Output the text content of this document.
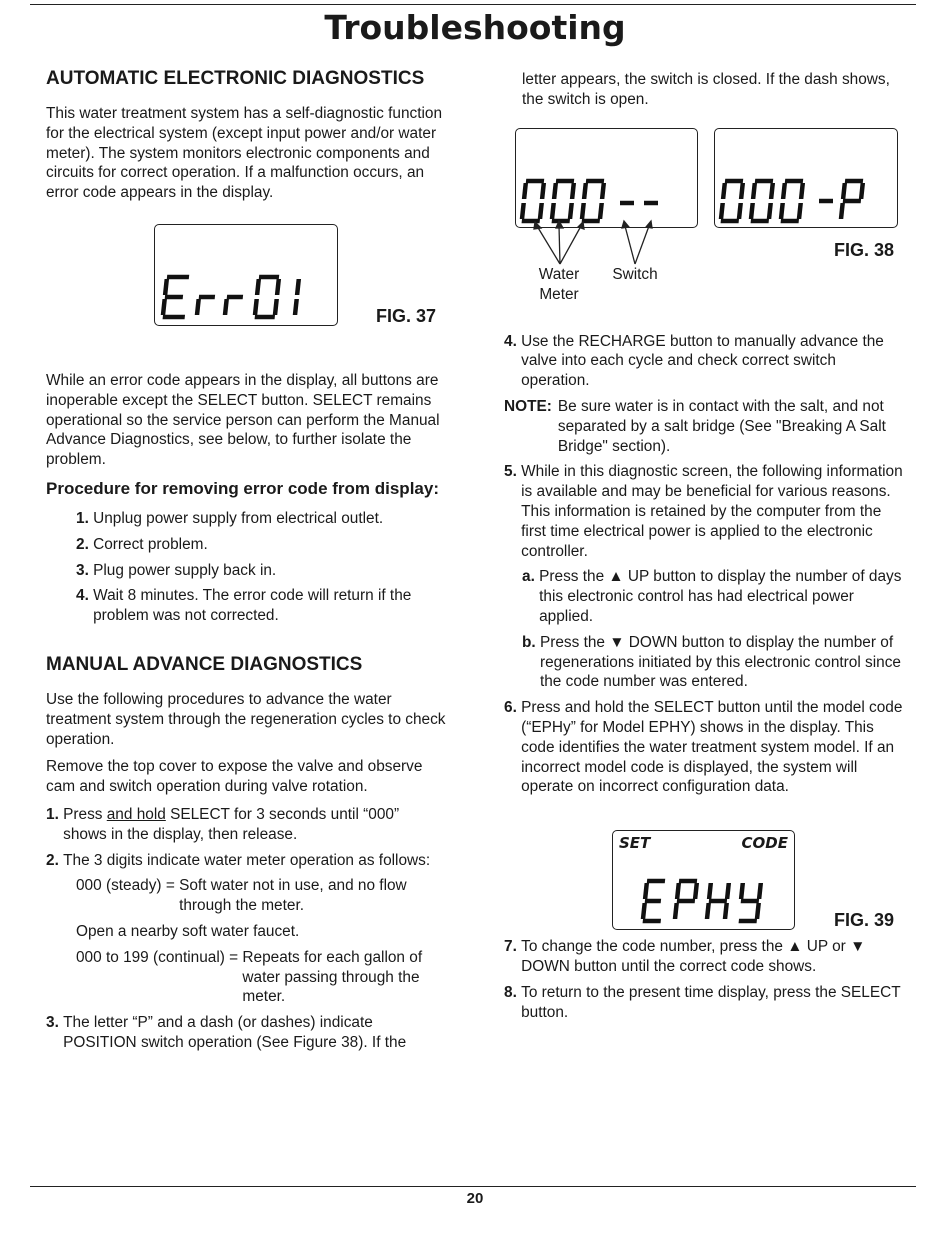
Troubleshooting
AUTOMATIC ELECTRONIC DIAGNOSTICS

This water treatment system has a self-diagnostic function for the electrical system (except input power and/or water meter). The system monitors electronic components and circuits for correct operation. If a malfunction occurs, an error code appears in the display.

While an error code appears in the display, all buttons are inoperable except the SELECT button. SELECT remains operational so the service person can perform the Manual Advance Diagnostics, see below, to further isolate the problem.

Procedure for removing error code from display:
1 . Unplug power supply from electrical outlet.
2 . Correct problem.
3 . Plug power supply back in.
4 . Wait 8 minutes. The error code will return if the problem was not corrected.
MANUAL ADVANCE DIAGNOSTICS

Use the following procedures to advance the water treatment system through the regeneration cycles to check operation.

Remove the top cover to expose the valve and observe cam and switch operation during valve rotation.

1 . Press and hold SELECT for 3 seconds until “000” shows in the display, then release.
2 . The 3 digits indicate water meter operation as follows:
000 (steady) = Soft water not in use, and no flow through the meter.
Open a nearby soft water faucet.
000 to 199 (continual) = Repeats for each gallon of water passing through the meter.
3 . The letter “P” and a dash (or dashes) indicate POSITION switch operation (See Figure 38). If the
FIG. 37

letter appears, the switch is closed. If the dash shows, the switch is open.

4 . Use the RECHARGE button to manually advance the valve into each cycle and check correct switch operation.
NOTE: Be sure water is in contact with the salt, and not separated by a salt bridge (See "Breaking A Salt Bridge" section).
5 . While in this diagnostic screen, the following information is available and may be beneficial for various reasons. This information is retained by the computer from the first time electrical power is applied to the electronic controller.
a . Press the ▲ UP button to display the number of days this electronic control has had electrical power applied.
b . Press the ▼ DOWN button to display the number of regenerations initiated by this electronic control since the code number was entered.
6 . Press and hold the SELECT button until the model code (“EPHy” for Model EPHY) shows in the display. This code identifies the water treatment system model. If an incorrect model code is displayed, the system will operate on incorrect configuration data.
7 . To change the code number, press the ▲ UP or ▼ DOWN button until the correct code shows.
8 . To return to the present time display, press the SELECT button.
Water
Meter
Switch
FIG. 38
SET	CODE
FIG. 39
20
